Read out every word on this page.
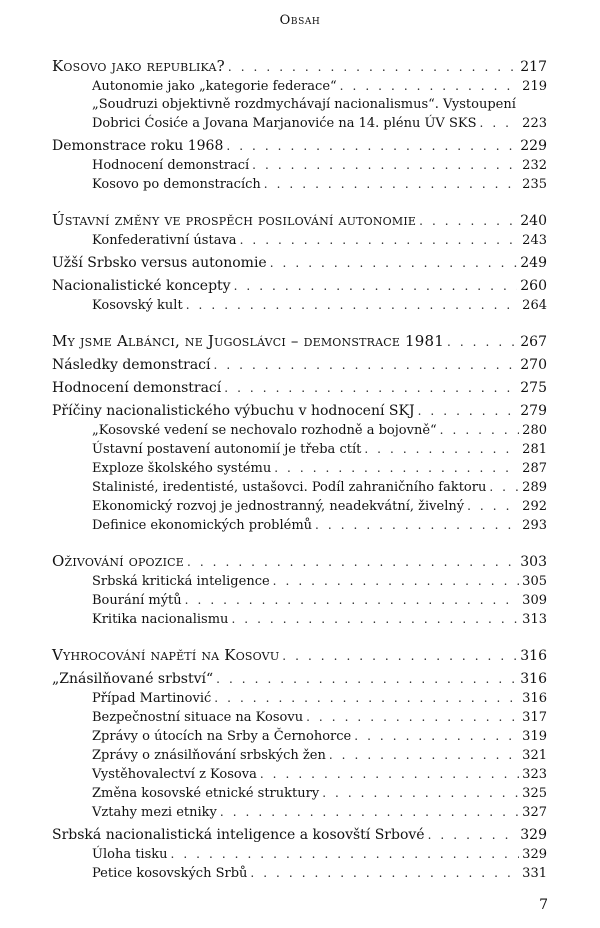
Obsah
Kosovo jako republika? . . .	217
Autonomie jako „kategorie federace“ . . .	219
„Soudruzi objektivně rozdmychávají nacionalismus“. Vystoupení
Dobrici Ćosiće a Jovana Marjanoviće na 14. plénu ÚV SKS . . .	223
Demonstrace roku 1968 . . .	229
Hodnocení demonstrací . . .	232
Kosovo po demonstracích . . .	235
Ústavní změny ve prospěch posilování autonomie . . .	240
Konfederativní ústava . . .	243
Užší Srbsko versus autonomie . . .	249
Nacionalistické koncepty . . .	260
Kosovský kult . . .	264
My jsme Albánci, ne Jugoslávci – demonstrace 1981 . . .	267
Následky demonstrací . . .	270
Hodnocení demonstrací . . .	275
Příčiny nacionalistického výbuchu v hodnocení SKJ . . .	279
„Kosovské vedení se nechovalo rozhodně a bojovně“ . . .	280
Ústavní postavení autonomií je třeba ctít . . .	281
Exploze školského systému . . .	287
Stalinisté, iredentisté, ustašovci. Podíl zahraničního faktoru . . .	289
Ekonomický rozvoj je jednostranný, neadekvátní, živelný . . .	292
Definice ekonomických problémů . . .	293
Oživování opozice . . .	303
Srbská kritická inteligence . . .	305
Bourání mýtů . . .	309
Kritika nacionalismu . . .	313
Vyhrocování napětí na Kosovu . . .	316
„Znásilňované srbství“ . . .	316
Případ Martinović . . .	316
Bezpečnostní situace na Kosovu . . .	317
Zprávy o útocích na Srby a Černohorce . . .	319
Zprávy o znásilňování srbských žen . . .	321
Vystěhovalectví z Kosova . . .	323
Změna kosovské etnické struktury . . .	325
Vztahy mezi etniky . . .	327
Srbská nacionalistická inteligence a kosovští Srbové . . .	329
Úloha tisku . . .	329
Petice kosovských Srbů . . .	331
7
